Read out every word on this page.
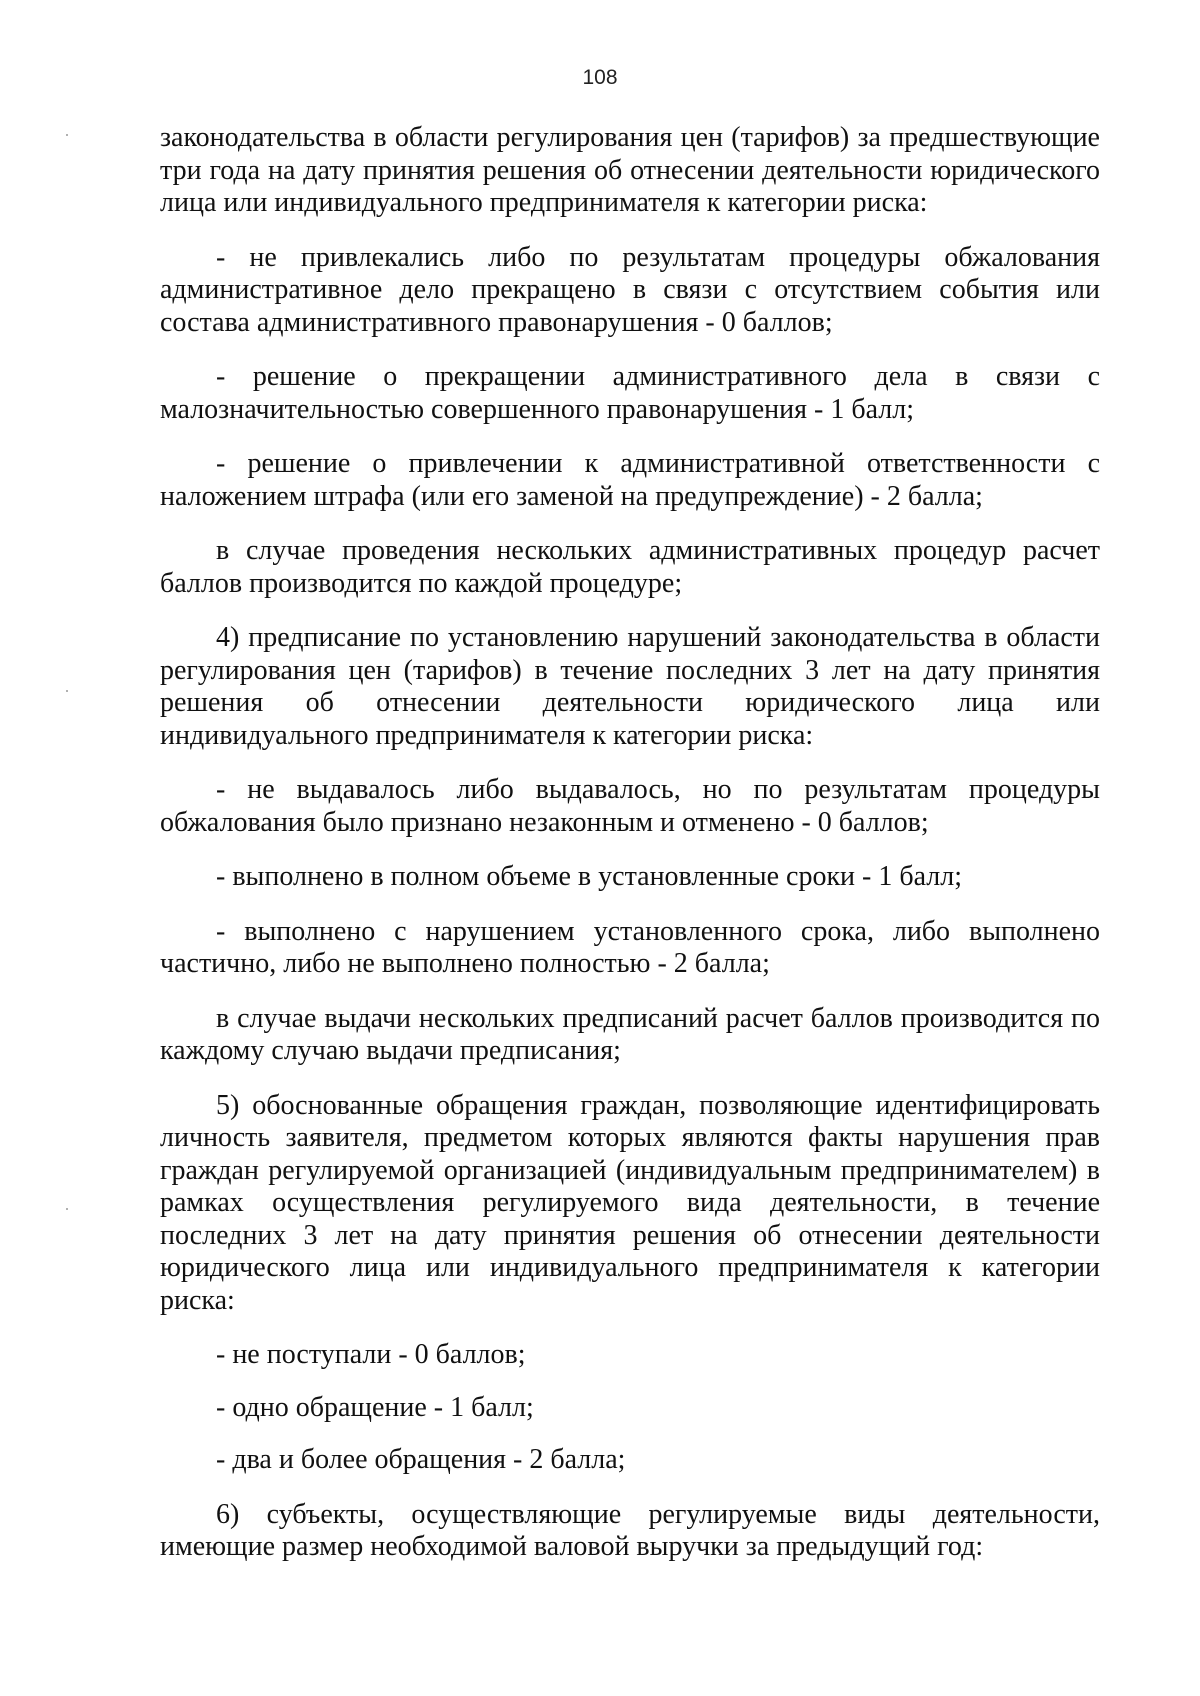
108

законодательства в области регулирования цен (тарифов) за предшествующие три года на дату принятия решения об отнесении деятельности юридического лица или индивидуального предпринимателя к категории риска:

- не привлекались либо по результатам процедуры обжалования административное дело прекращено в связи с отсутствием события или состава административного правонарушения - 0 баллов;

- решение о прекращении административного дела в связи с малозначительностью совершенного правонарушения - 1 балл;

- решение о привлечении к административной ответственности с наложением штрафа (или его заменой на предупреждение) - 2 балла;

в случае проведения нескольких административных процедур расчет баллов производится по каждой процедуре;

4) предписание по установлению нарушений законодательства в области регулирования цен (тарифов) в течение последних 3 лет на дату принятия решения об отнесении деятельности юридического лица или индивидуального предпринимателя к категории риска:

- не выдавалось либо выдавалось, но по результатам процедуры обжалования было признано незаконным и отменено - 0 баллов;

- выполнено в полном объеме в установленные сроки - 1 балл;

- выполнено с нарушением установленного срока, либо выполнено частично, либо не выполнено полностью - 2 балла;

в случае выдачи нескольких предписаний расчет баллов производится по каждому случаю выдачи предписания;

5) обоснованные обращения граждан, позволяющие идентифицировать личность заявителя, предметом которых являются факты нарушения прав граждан регулируемой организацией (индивидуальным предпринимателем) в рамках осуществления регулируемого вида деятельности, в течение последних 3 лет на дату принятия решения об отнесении деятельности юридического лица или индивидуального предпринимателя к категории риска:

- не поступали - 0 баллов;

- одно обращение - 1 балл;

- два и более обращения - 2 балла;

6) субъекты, осуществляющие регулируемые виды деятельности, имеющие размер необходимой валовой выручки за предыдущий год:
